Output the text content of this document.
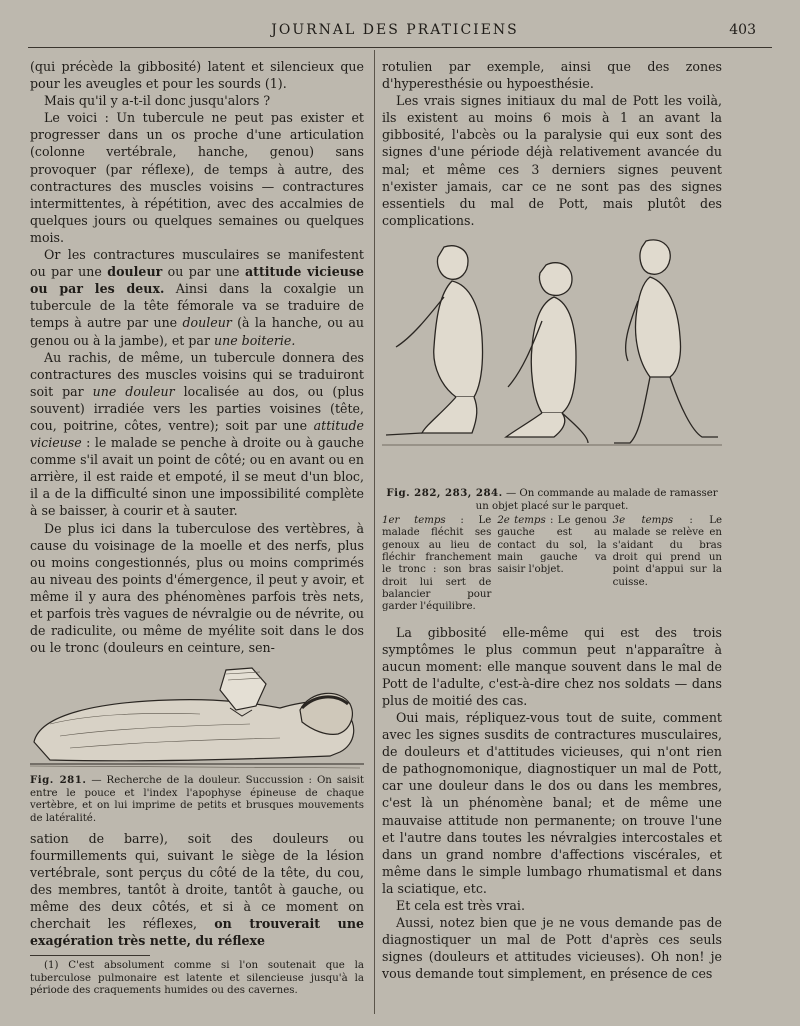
JOURNAL DES PRATICIENS	403

(qui précède la gibbosité) latent et silencieux que pour les aveugles et pour les sourds (1).

Mais qu'il y a-t-il donc jusqu'alors ?

Le voici : Un tubercule ne peut pas exister et progresser dans un os proche d'une articulation (colonne vertébrale, hanche, genou) sans provoquer (par réflexe), de temps à autre, des contractures des muscles voisins — contractures intermittentes, à répétition, avec des accalmies de quelques jours ou quelques semaines ou quelques mois.

Or les contractures musculaires se manifestent ou par une douleur ou par une attitude vicieuse ou par les deux. Ainsi dans la coxalgie un tubercule de la tête fémorale va se traduire de temps à autre par une douleur (à la hanche, ou au genou ou à la jambe), et par une boiterie.

Au rachis, de même, un tubercule donnera des contractures des muscles voisins qui se traduiront soit par une douleur localisée au dos, ou (plus souvent) irradiée vers les parties voisines (tête, cou, poitrine, côtes, ventre); soit par une attitude vicieuse : le malade se penche à droite ou à gauche comme s'il avait un point de côté; ou en avant ou en arrière, il est raide et empoté, il se meut d'un bloc, il a de la difficulté sinon une impossibilité complète à se baisser, à courir et à sauter.

De plus ici dans la tuberculose des vertèbres, à cause du voisinage de la moelle et des nerfs, plus ou moins congestionnés, plus ou moins comprimés au niveau des points d'émergence, il peut y avoir, et même il y aura des phénomènes parfois très nets, et parfois très vagues de névralgie ou de névrite, ou de radiculite, ou même de myélite soit dans le dos ou le tronc (douleurs en ceinture, sen-

Fig. 281. — Recherche de la douleur. Succussion : On saisit entre le pouce et l'index l'apophyse épineuse de chaque vertèbre, et on lui imprime de petits et brusques mouvements de latéralité.

sation de barre), soit des douleurs ou fourmillements qui, suivant le siège de la lésion vertébrale, sont perçus du côté de la tête, du cou, des membres, tantôt à droite, tantôt à gauche, ou même des deux côtés, et si à ce moment on cherchait les réflexes, on trouverait une exagération très nette, du réflexe

(1) C'est absolument comme si l'on soutenait que la tuberculose pulmonaire est latente et silencieuse jusqu'à la période des craquements humides ou des cavernes.

rotulien par exemple, ainsi que des zones d'hyperesthésie ou hypoesthésie.

Les vrais signes initiaux du mal de Pott les voilà, ils existent au moins 6 mois à 1 an avant la gibbosité, l'abcès ou la paralysie qui eux sont des signes d'une période déjà relativement avancée du mal; et même ces 3 derniers signes peuvent n'exister jamais, car ce ne sont pas des signes essentiels du mal de Pott, mais plutôt des complications.

Fig. 282, 283, 284. — On commande au malade de ramasser un objet placé sur le parquet.
1er temps : Le malade fléchit ses genoux au lieu de fléchir franchement le tronc : son bras droit lui sert de balancier pour garder l'équilibre.
2e temps : Le genou gauche est au contact du sol, la main gauche va saisir l'objet.
3e temps : Le malade se relève en s'aidant du bras droit qui prend un point d'appui sur la cuisse.

La gibbosité elle-même qui est des trois symptômes le plus commun peut n'apparaître à aucun moment: elle manque souvent dans le mal de Pott de l'adulte, c'est-à-dire chez nos soldats — dans plus de moitié des cas.

Oui mais, répliquez-vous tout de suite, comment avec les signes susdits de contractures musculaires, de douleurs et d'attitudes vicieuses, qui n'ont rien de pathognomonique, diagnostiquer un mal de Pott, car une douleur dans le dos ou dans les membres, c'est là un phénomène banal; et de même une mauvaise attitude non permanente; on trouve l'une et l'autre dans toutes les névralgies intercostales et dans un grand nombre d'affections viscérales, et même dans le simple lumbago rhumatismal et dans la sciatique, etc.

Et cela est très vrai.

Aussi, notez bien que je ne vous demande pas de diagnostiquer un mal de Pott d'après ces seuls signes (douleurs et attitudes vicieuses). Oh non! je vous demande tout simplement, en présence de ces
